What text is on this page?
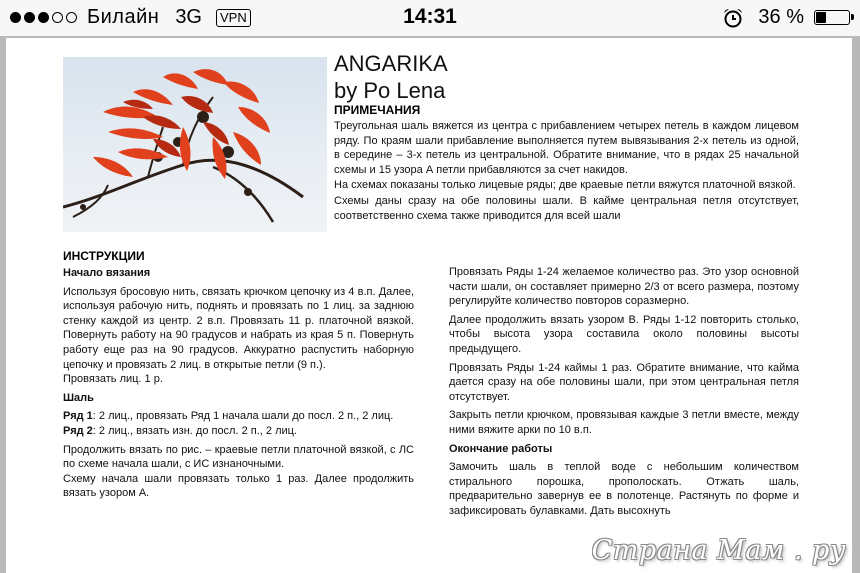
Билайн 3G	VPN	14:31	36 %
ANGARIKA
by Po Lena
ПРИМЕЧАНИЯ

Треугольная шаль вяжется из центра с прибавлением четырех петель в каждом лицевом ряду. По краям шали прибавление выполняется путем вывязывания 2-х петель из одной, в середине – 3-х петель из центральной. Обратите внимание, что в рядах 25 начальной схемы и 15 узора А петли прибавляются за счет накидов.

На схемах показаны только лицевые ряды; две краевые петли вяжутся платочной вязкой.

Схемы даны сразу на обе половины шали. В кайме центральная петля отсутствует, соответственно схема также приводится для всей шали

ИНСТРУКЦИИ
Начало вязания

Используя бросовую нить, связать крючком цепочку из 4 в.п. Далее, используя рабочую нить, поднять и провязать по 1 лиц. за заднюю стенку каждой из центр. 2 в.п. Провязать 11 р. платочной вязкой. Повернуть работу на 90 градусов и набрать из края 5 п. Повернуть работу еще раз на 90 градусов. Аккуратно распустить наборную цепочку и провязать 2 лиц. в открытые петли (9 п.).

Провязать лиц. 1 р.

Шаль

Ряд 1: 2 лиц., провязать Ряд 1 начала шали до посл. 2 п., 2 лиц.

Ряд 2: 2 лиц., вязать изн. до посл. 2 п., 2 лиц.

Продолжить вязать по рис. – краевые петли платочной вязкой, с ЛС по схеме начала шали, с ИС изнаночными.

Схему начала шали провязать только 1 раз. Далее продолжить вязать узором А.

Провязать Ряды 1-24 желаемое количество раз. Это узор основной части шали, он составляет примерно 2/3 от всего размера, поэтому регулируйте количество повторов соразмерно.

Далее продолжить вязать узором В. Ряды 1-12 повторить столько, чтобы высота узора составила около половины высоты предыдущего.

Провязать Ряды 1-24 каймы 1 раз. Обратите внимание, что кайма дается сразу на обе половины шали, при этом центральная петля отсутствует.

Закрыть петли крючком, провязывая каждые 3 петли вместе, между ними вяжите арки по 10 в.п.

Окончание работы

Замочить шаль в теплой воде с небольшим количеством стирального порошка, прополоскать. Отжать шаль, предварительно завернув ее в полотенце. Растянуть по форме и зафиксировать булавками. Дать высохнуть

Страна Мам . ру
